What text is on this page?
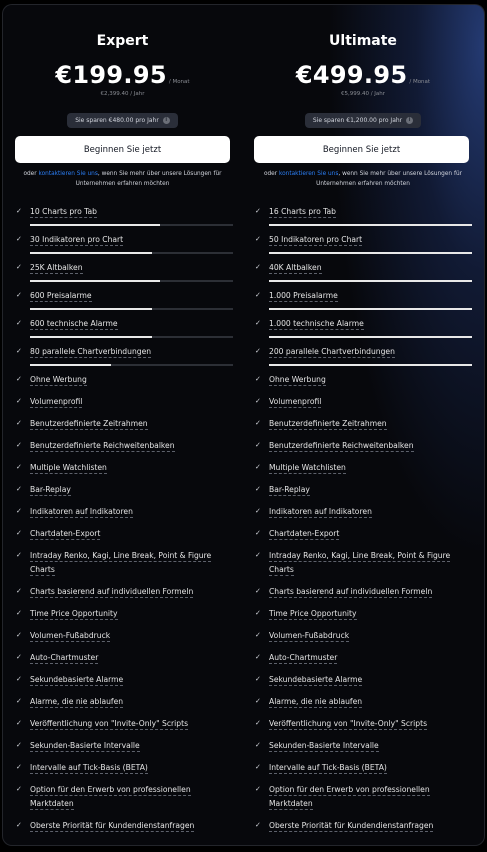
Expert
€199.95 / Monat
€2,399.40 / Jahr
Sie sparen €480.00 pro Jahr i
Beginnen Sie jetzt
oder kontaktieren Sie uns, wenn Sie mehr über unsere Lösungen für Unternehmen erfahren möchten
✓ 10 Charts pro Tab
✓ 30 Indikatoren pro Chart
✓ 25K Altbalken
✓ 600 Preisalarme
✓ 600 technische Alarme
✓ 80 parallele Chartverbindungen
✓ Ohne Werbung
✓ Volumenprofil
✓ Benutzerdefinierte Zeitrahmen
✓ Benutzerdefinierte Reichweitenbalken
✓ Multiple Watchlisten
✓ Bar-Replay
✓ Indikatoren auf Indikatoren
✓ Chartdaten-Export
✓ Intraday Renko, Kagi, Line Break, Point & Figure Charts
✓ Charts basierend auf individuellen Formeln
✓ Time Price Opportunity
✓ Volumen-Fußabdruck
✓ Auto-Chartmuster
✓ Sekundebasierte Alarme
✓ Alarme, die nie ablaufen
✓ Veröffentlichung von "Invite-Only" Scripts
✓ Sekunden-Basierte Intervalle
✓ Intervalle auf Tick-Basis (BETA)
✓ Option für den Erwerb von professionellen Marktdaten
✓ Oberste Priorität für Kundendienstanfragen
Ultimate
€499.95 / Monat
€5,999.40 / Jahr
Sie sparen €1,200.00 pro Jahr i
Beginnen Sie jetzt
oder kontaktieren Sie uns, wenn Sie mehr über unsere Lösungen für Unternehmen erfahren möchten
✓ 16 Charts pro Tab
✓ 50 Indikatoren pro Chart
✓ 40K Altbalken
✓ 1.000 Preisalarme
✓ 1.000 technische Alarme
✓ 200 parallele Chartverbindungen
✓ Ohne Werbung
✓ Volumenprofil
✓ Benutzerdefinierte Zeitrahmen
✓ Benutzerdefinierte Reichweitenbalken
✓ Multiple Watchlisten
✓ Bar-Replay
✓ Indikatoren auf Indikatoren
✓ Chartdaten-Export
✓ Intraday Renko, Kagi, Line Break, Point & Figure Charts
✓ Charts basierend auf individuellen Formeln
✓ Time Price Opportunity
✓ Volumen-Fußabdruck
✓ Auto-Chartmuster
✓ Sekundebasierte Alarme
✓ Alarme, die nie ablaufen
✓ Veröffentlichung von "Invite-Only" Scripts
✓ Sekunden-Basierte Intervalle
✓ Intervalle auf Tick-Basis (BETA)
✓ Option für den Erwerb von professionellen Marktdaten
✓ Oberste Priorität für Kundendienstanfragen
